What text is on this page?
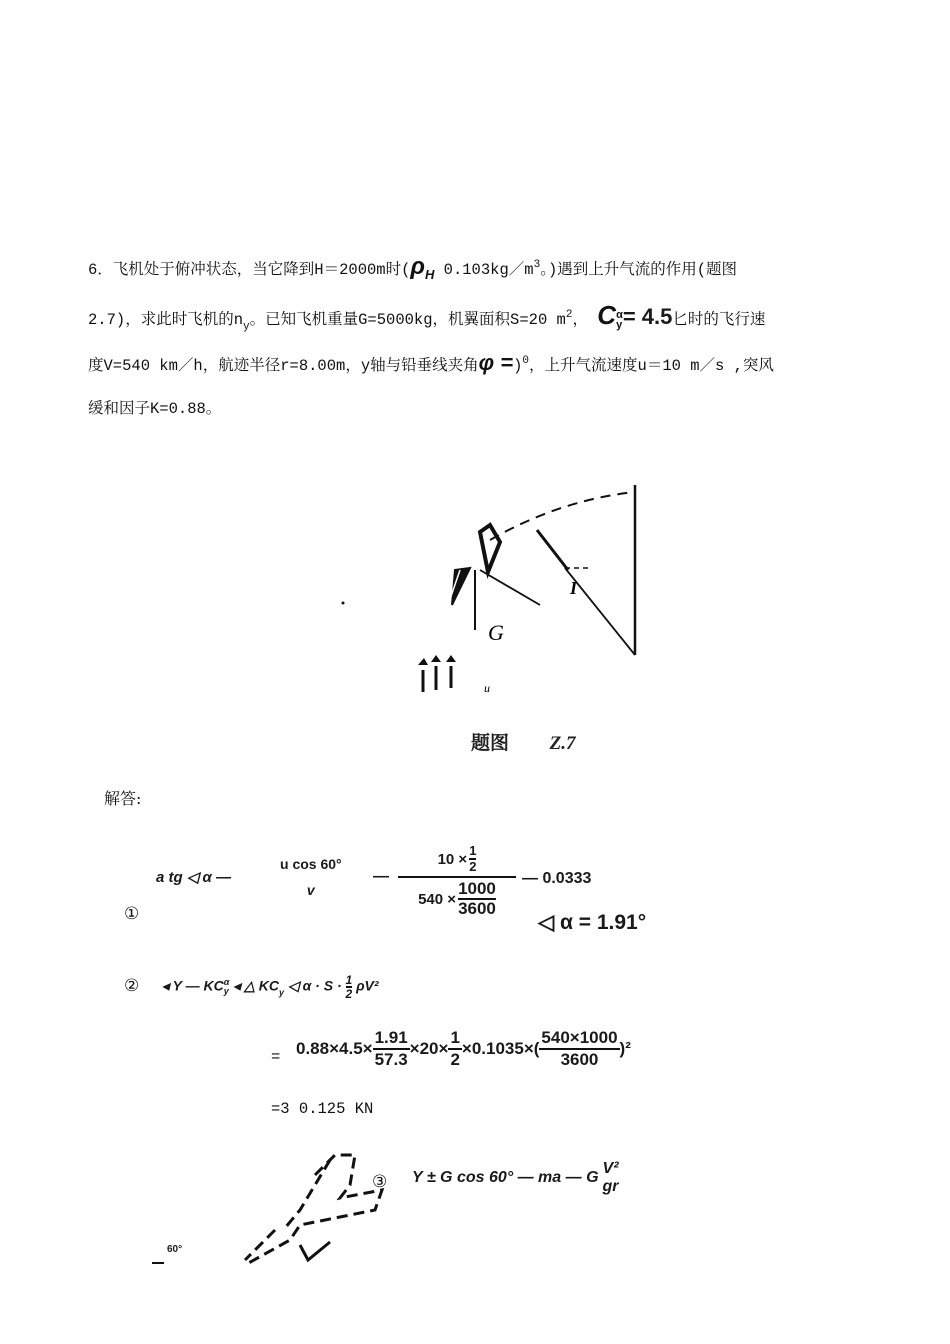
6．飞机处于俯冲状态，当它降到H＝2000m时($\rho_H$ $0.103kg/m^3$。)遇到上升气流的作用(题图
2.7)，求此时飞机的$n_y$。已知飞机重量G=5000kg，机翼面积S=20 $m^2$， C α
y = 4.5匕时的飞行速
度V=540 km／h，航迹半径r=8.00m，y轴与铅垂线夹角φ =)$^0$，上升气流速度u＝10 m／s ,突风
缓和因子K=0.88。
G
I
u
题图 Z.7
解答:
①
a tg ◁ α —
u cos 60°
v
—
$10 \times \frac{1}{2}$
$540 \times \frac{1000}{3600}$
— 0.0333
◁ α = 1.91°
② ◂ Y — KC α
y ◂ △ $KC_y$ ◁ $\alpha \cdot S \cdot \frac{1}{2} \rho V^2$
= $0.88\times 4.5\times \frac{1.91}{57.3} \times 20\times \frac{1}{2} \times 0.1035\times( \frac{540\times 1000}{3600} )^2$
=3 0.125 KN
③
60°
Y ± G cos 60° — ma — G
V²
gr
